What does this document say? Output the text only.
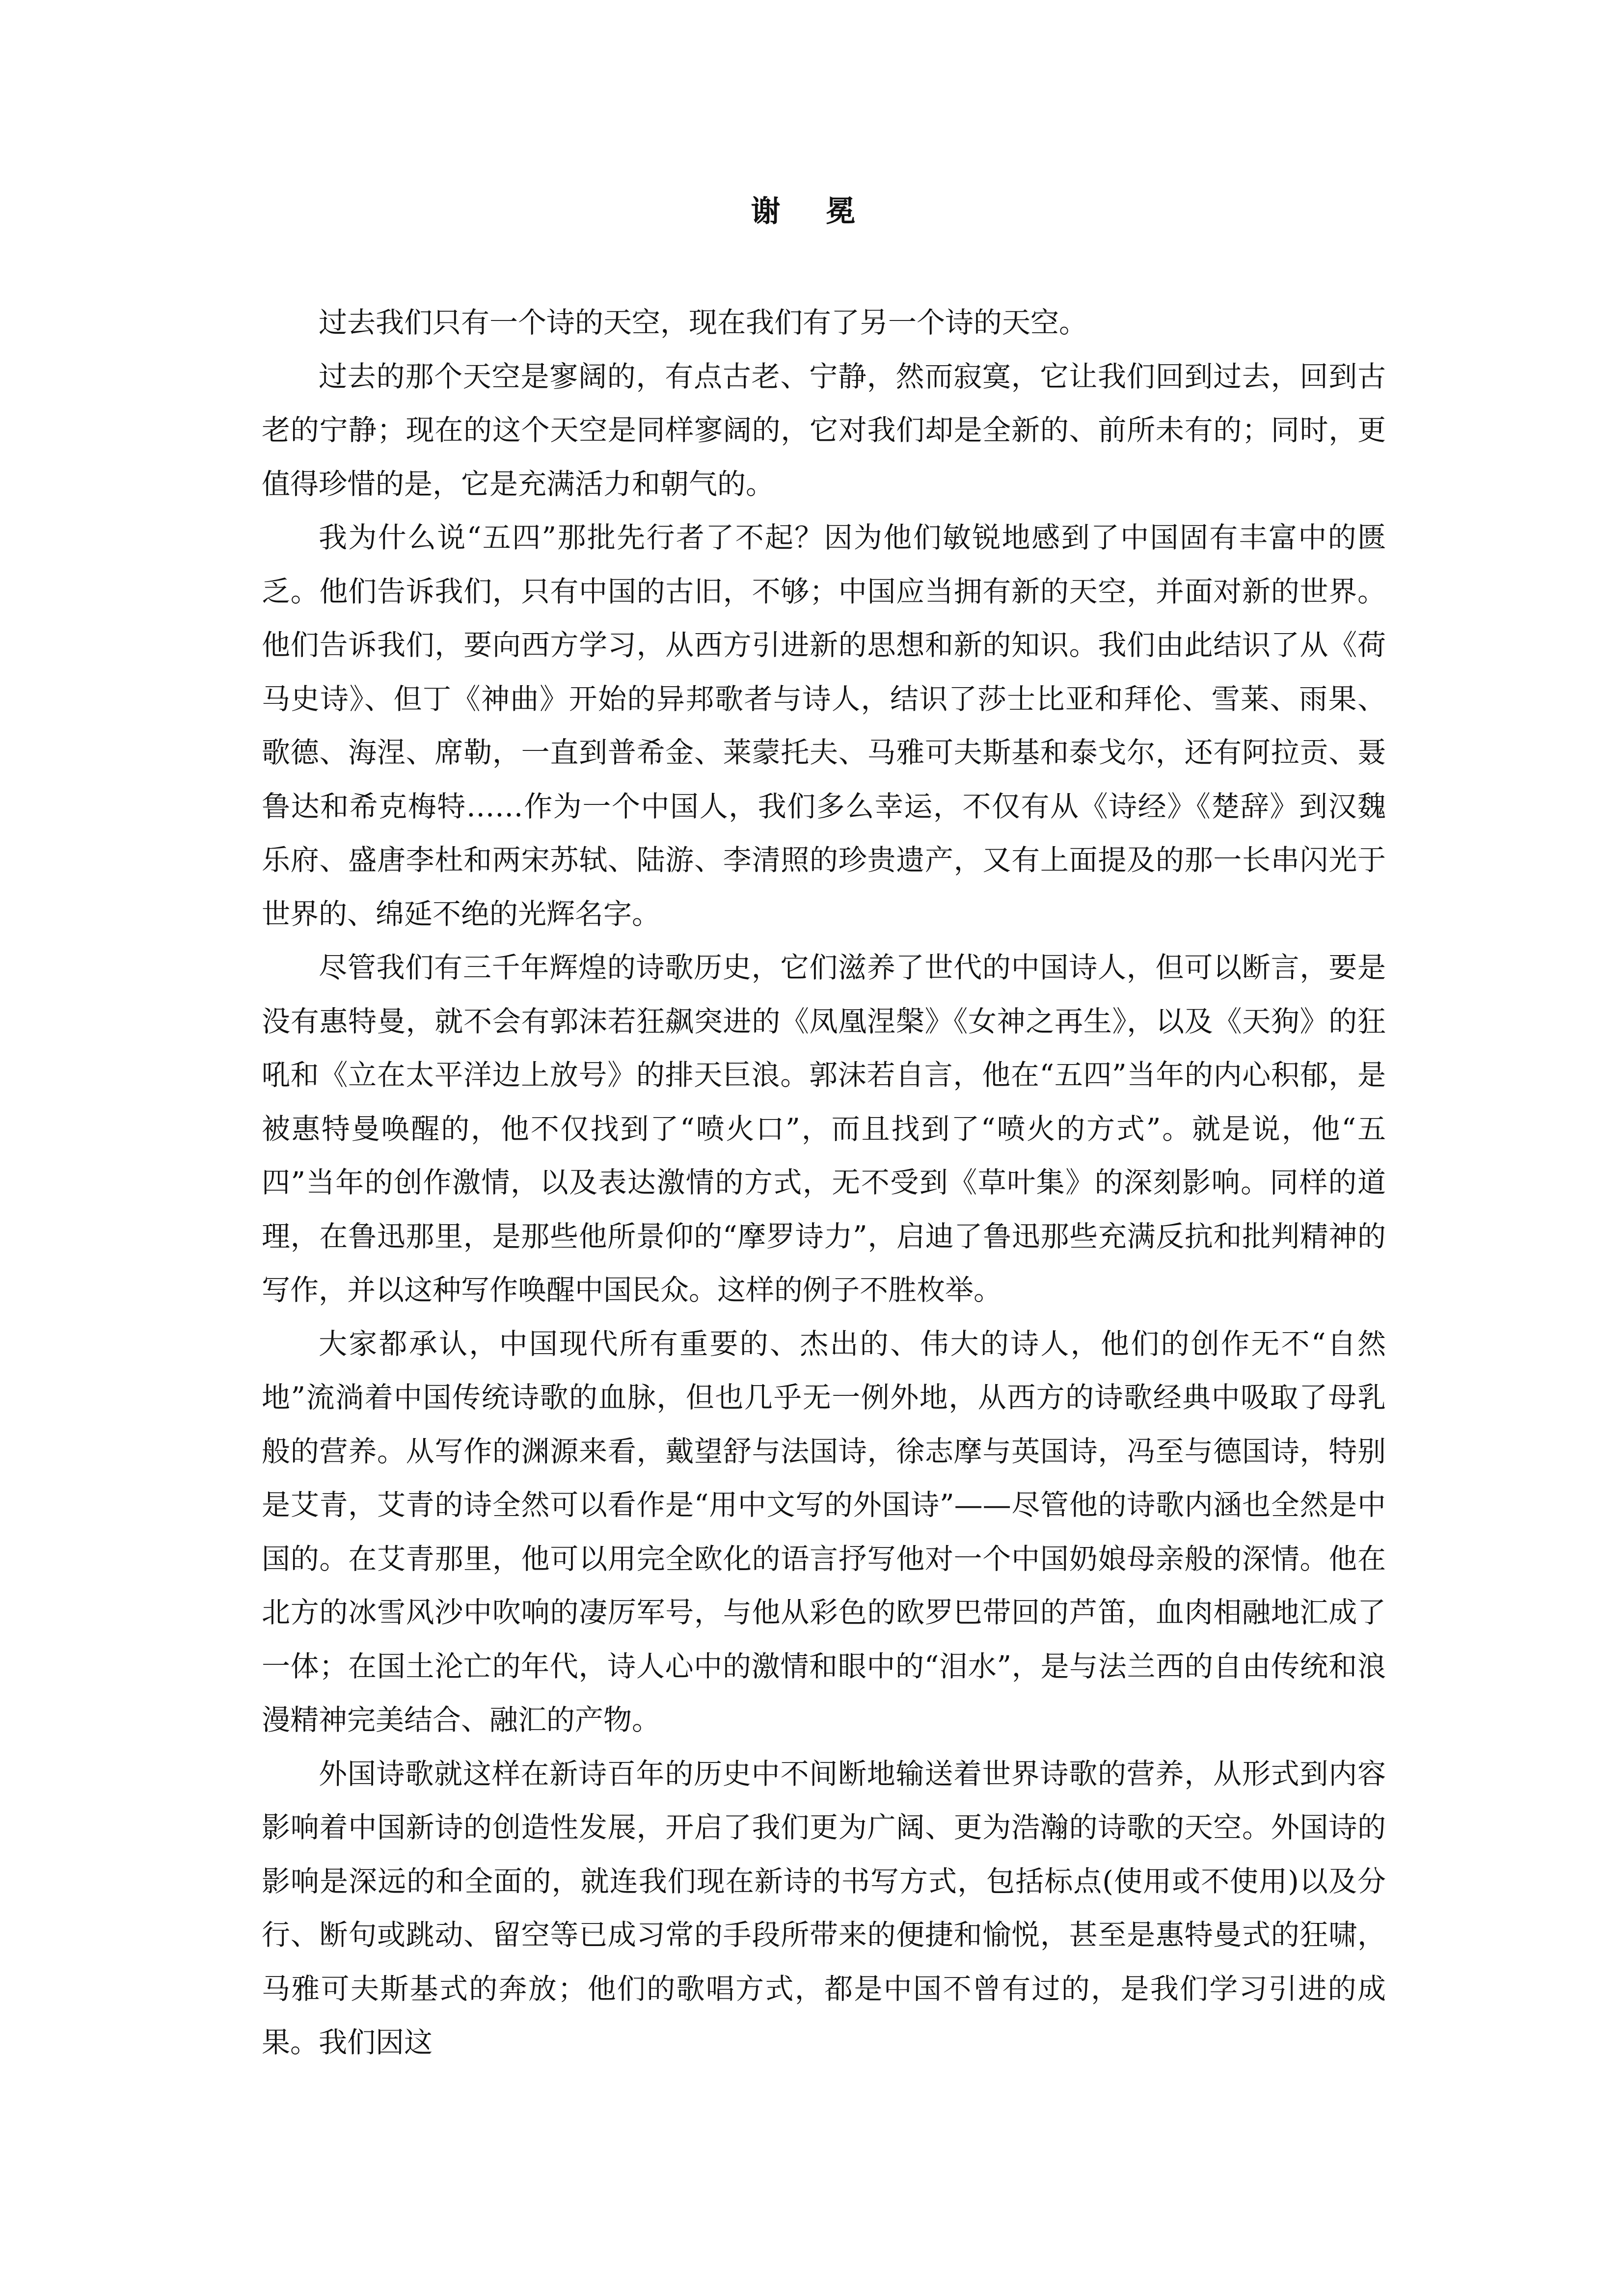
谢 冕

过去我们只有一个诗的天空，现在我们有了另一个诗的天空。

过去的那个天空是寥阔的，有点古老、宁静，然而寂寞，它让我们回到过去，回到古老的宁静；现在的这个天空是同样寥阔的，它对我们却是全新的、前所未有的；同时，更值得珍惜的是，它是充满活力和朝气的。

我为什么说“五四”那批先行者了不起？因为他们敏锐地感到了中国固有丰富中的匮乏。他们告诉我们，只有中国的古旧，不够；中国应当拥有新的天空，并面对新的世界。他们告诉我们，要向西方学习，从西方引进新的思想和新的知识。我们由此结识了从《荷马史诗》、但丁《神曲》开始的异邦歌者与诗人，结识了莎士比亚和拜伦、雪莱、雨果、歌德、海涅、席勒，一直到普希金、莱蒙托夫、马雅可夫斯基和泰戈尔，还有阿拉贡、聂鲁达和希克梅特……作为一个中国人，我们多么幸运，不仅有从《诗经》《楚辞》到汉魏乐府、盛唐李杜和两宋苏轼、陆游、李清照的珍贵遗产，又有上面提及的那一长串闪光于世界的、绵延不绝的光辉名字。

尽管我们有三千年辉煌的诗歌历史，它们滋养了世代的中国诗人，但可以断言，要是没有惠特曼，就不会有郭沫若狂飙突进的《凤凰涅槃》《女神之再生》，以及《天狗》的狂吼和《立在太平洋边上放号》的排天巨浪。郭沫若自言，他在“五四”当年的内心积郁，是被惠特曼唤醒的，他不仅找到了“喷火口”，而且找到了“喷火的方式”。就是说，他“五四”当年的创作激情，以及表达激情的方式，无不受到《草叶集》的深刻影响。同样的道理，在鲁迅那里，是那些他所景仰的“摩罗诗力”，启迪了鲁迅那些充满反抗和批判精神的写作，并以这种写作唤醒中国民众。这样的例子不胜枚举。

大家都承认，中国现代所有重要的、杰出的、伟大的诗人，他们的创作无不“自然地”流淌着中国传统诗歌的血脉，但也几乎无一例外地，从西方的诗歌经典中吸取了母乳般的营养。从写作的渊源来看，戴望舒与法国诗，徐志摩与英国诗，冯至与德国诗，特别是艾青，艾青的诗全然可以看作是“用中文写的外国诗”——尽管他的诗歌内涵也全然是中国的。在艾青那里，他可以用完全欧化的语言抒写他对一个中国奶娘母亲般的深情。他在北方的冰雪风沙中吹响的凄厉军号，与他从彩色的欧罗巴带回的芦笛，血肉相融地汇成了一体；在国土沦亡的年代，诗人心中的激情和眼中的“泪水”，是与法兰西的自由传统和浪漫精神完美结合、融汇的产物。

外国诗歌就这样在新诗百年的历史中不间断地输送着世界诗歌的营养，从形式到内容影响着中国新诗的创造性发展，开启了我们更为广阔、更为浩瀚的诗歌的天空。外国诗的影响是深远的和全面的，就连我们现在新诗的书写方式，包括标点(使用或不使用)以及分行、断句或跳动、留空等已成习常的手段所带来的便捷和愉悦，甚至是惠特曼式的狂啸，马雅可夫斯基式的奔放；他们的歌唱方式，都是中国不曾有过的，是我们学习引进的成果。我们因这
